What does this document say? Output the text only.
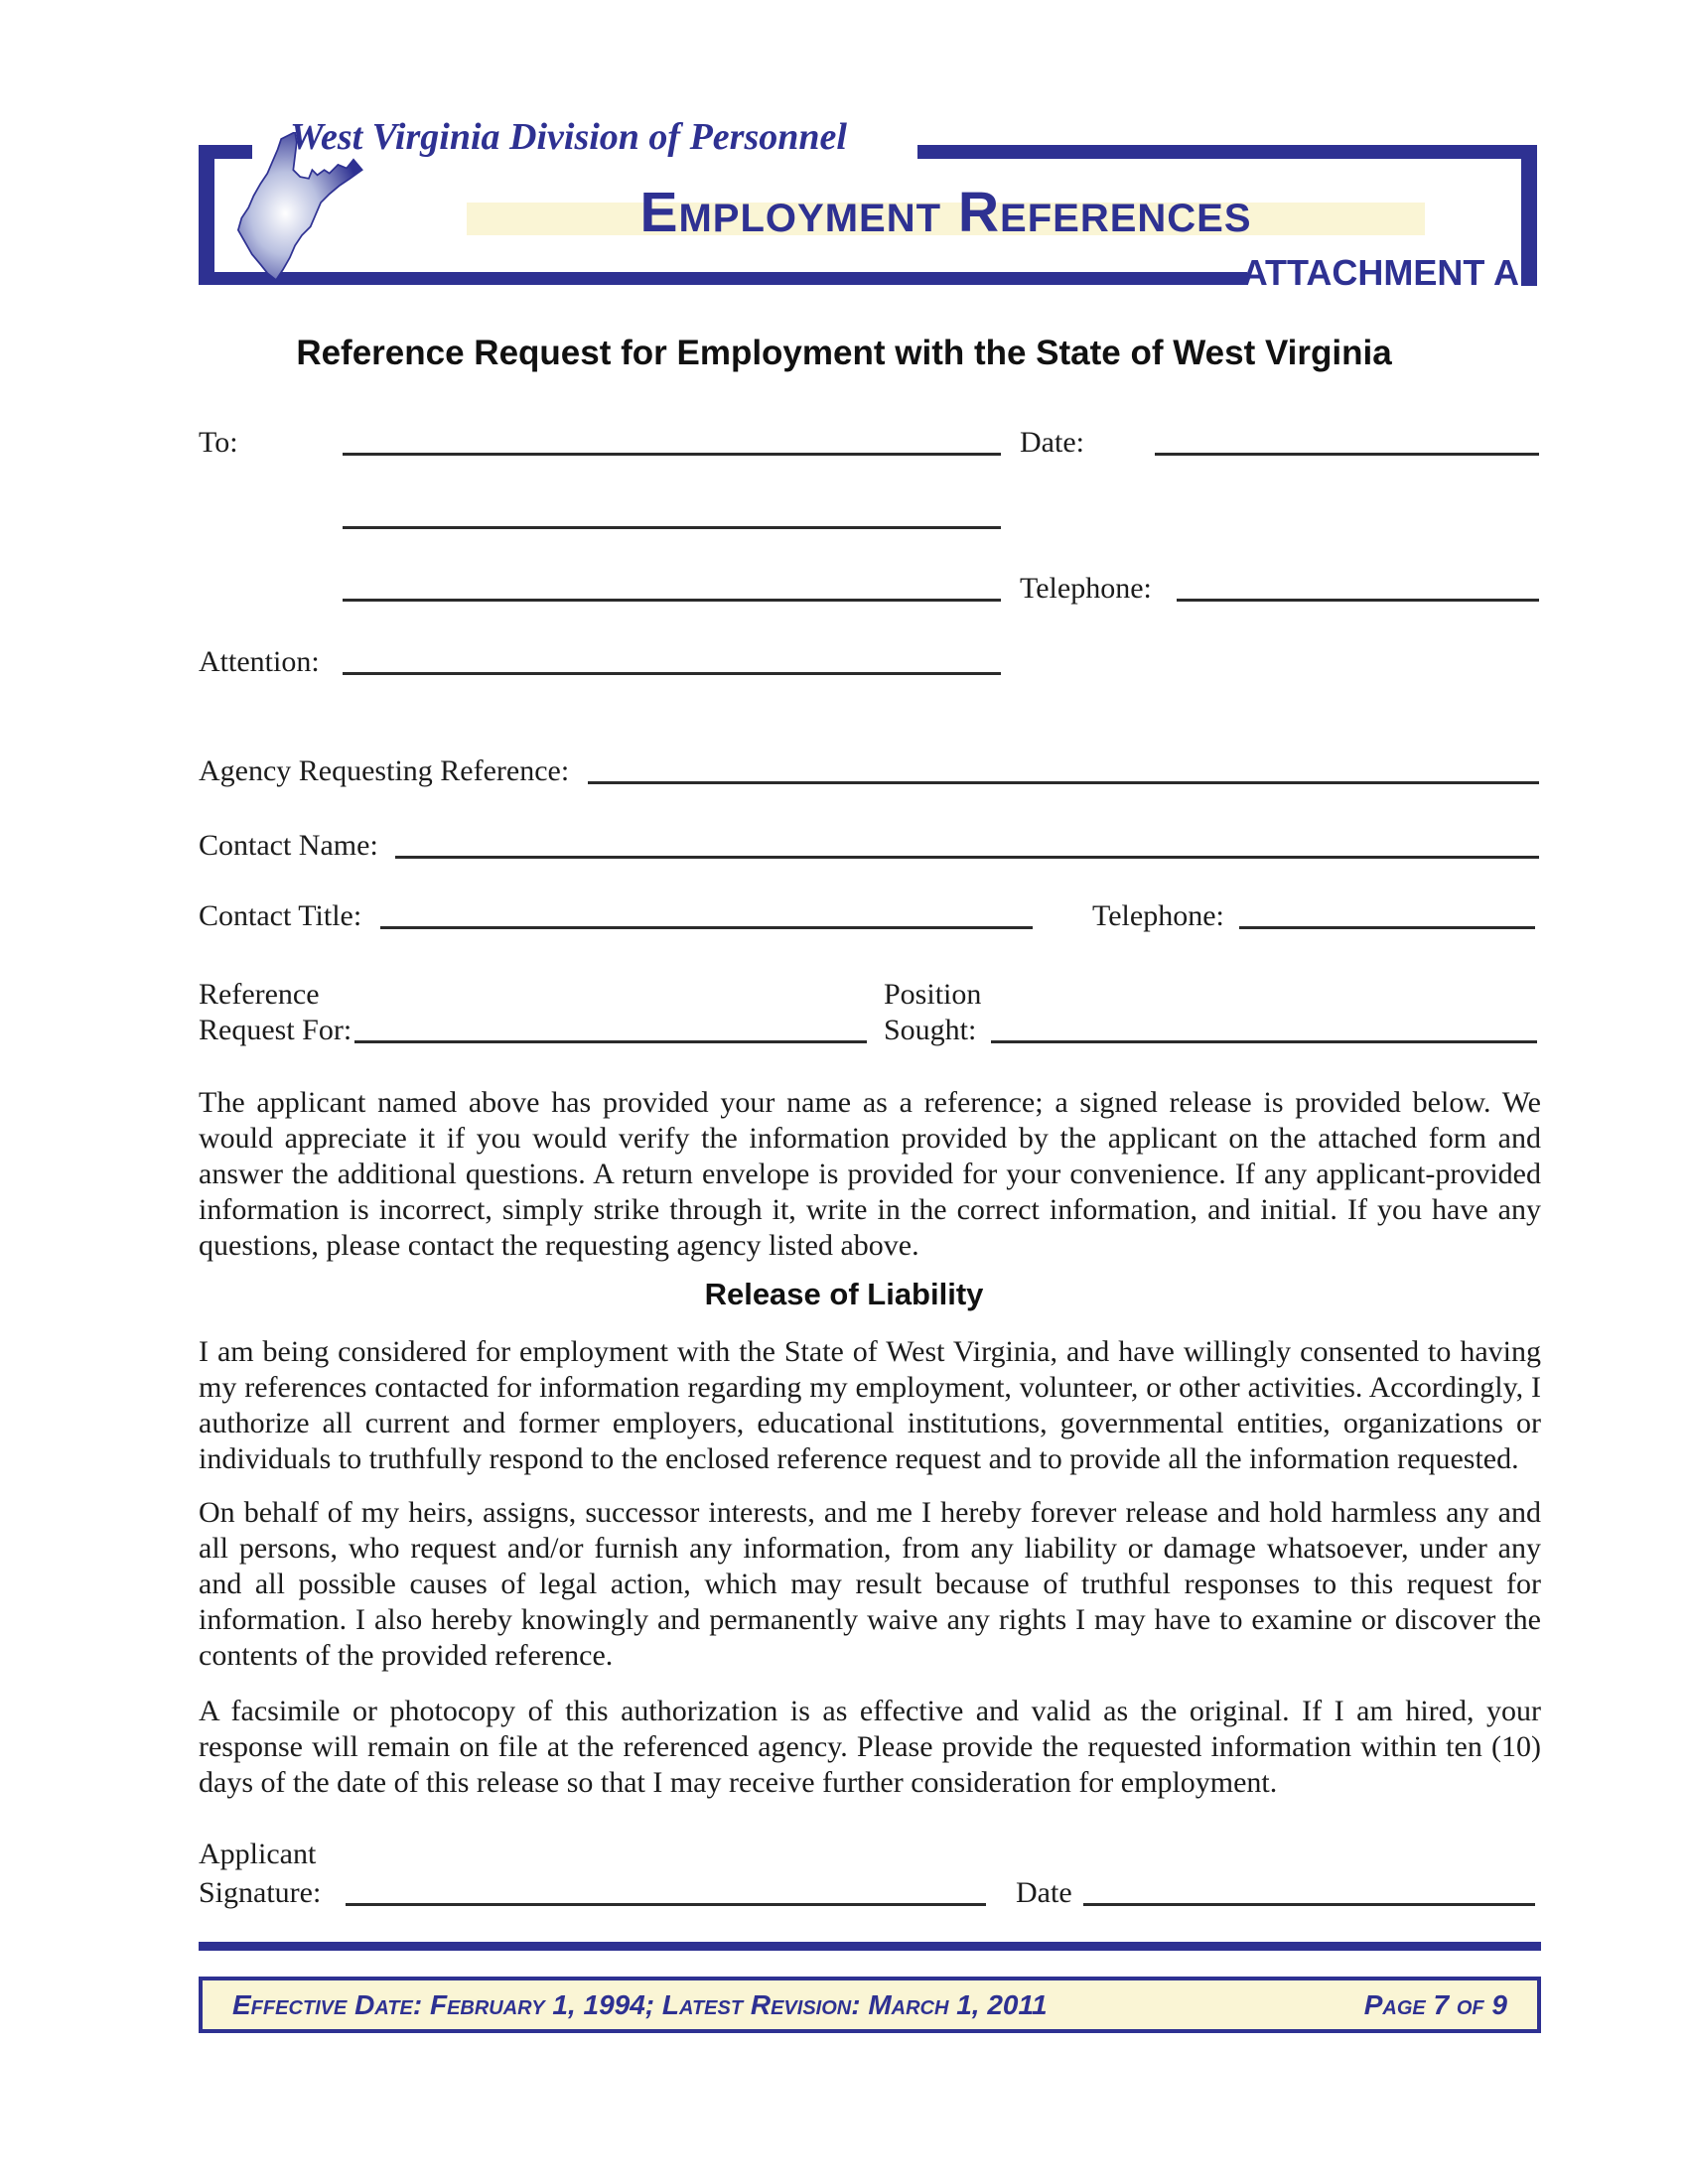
West Virginia Division of Personnel
Employment References
ATTACHMENT A
Reference Request for Employment with the State of West Virginia
To:	Date:
Telephone:
Attention:
Agency Requesting Reference:
Contact Name:
Contact Title:	Telephone:
Reference	Position
Request For:	Sought:
The applicant named above has provided your name as a reference; a signed release is provided below. We would appreciate it if you would verify the information provided by the applicant on the attached form and answer the additional questions. A return envelope is provided for your convenience. If any applicant-provided information is incorrect, simply strike through it, write in the correct information, and initial. If you have any questions, please contact the requesting agency listed above.
Release of Liability
I am being considered for employment with the State of West Virginia, and have willingly consented to having my references contacted for information regarding my employment, volunteer, or other activities. Accordingly, I authorize all current and former employers, educational institutions, governmental entities, organizations or individuals to truthfully respond to the enclosed reference request and to provide all the information requested.
On behalf of my heirs, assigns, successor interests, and me I hereby forever release and hold harmless any and all persons, who request and/or furnish any information, from any liability or damage whatsoever, under any and all possible causes of legal action, which may result because of truthful responses to this request for information. I also hereby knowingly and permanently waive any rights I may have to examine or discover the contents of the provided reference.
A facsimile or photocopy of this authorization is as effective and valid as the original. If I am hired, your response will remain on file at the referenced agency. Please provide the requested information within ten (10) days of the date of this release so that I may receive further consideration for employment.
Applicant
Signature:	Date
Effective Date: February 1, 1994; Latest Revision: March 1, 2011	Page 7 of 9
